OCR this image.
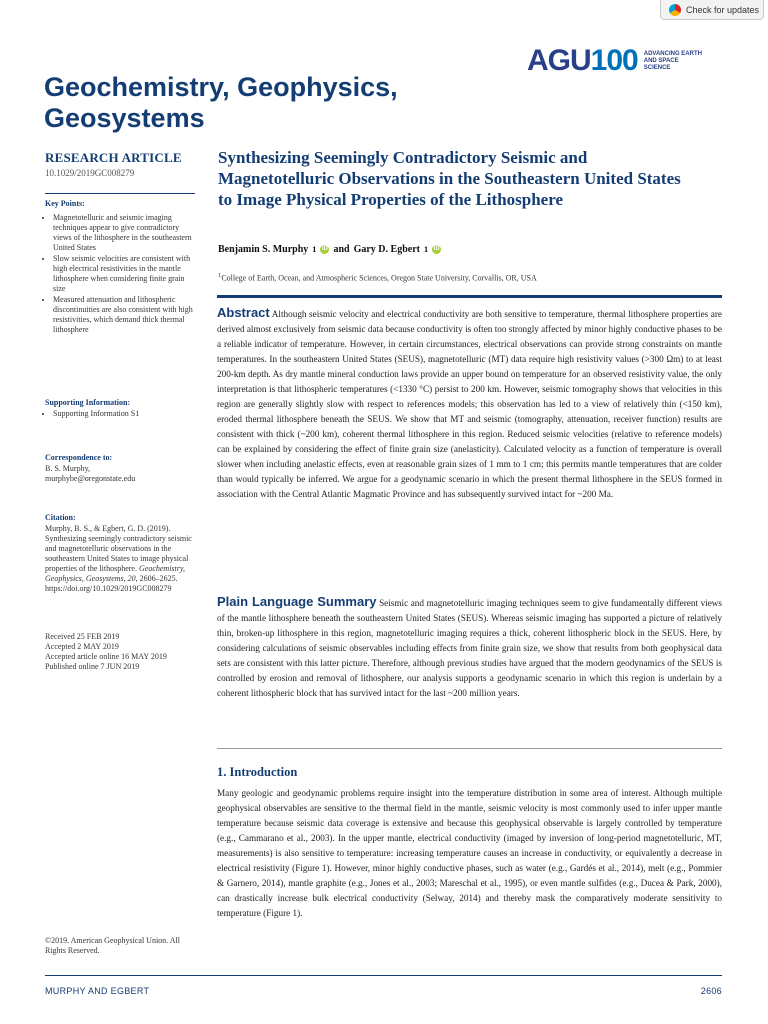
Check for updates
AGU100 ADVANCING EARTH AND SPACE SCIENCE
Geochemistry, Geophysics, Geosystems
RESEARCH ARTICLE
10.1029/2019GC008279
Key Points:
• Magnetotelluric and seismic imaging techniques appear to give contradictory views of the lithosphere in the southeastern United States
• Slow seismic velocities are consistent with high electrical resistivities in the mantle lithosphere when considering finite grain size
• Measured attenuation and lithospheric discontinuities are also consistent with high resistivities, which demand thick thermal lithosphere
Supporting Information:
• Supporting Information S1
Correspondence to:
B. S. Murphy,
murphybe@oregonstate.edu
Citation:
Murphy, B. S., & Egbert, G. D. (2019). Synthesizing seemingly contradictory seismic and magnetotelluric observations in the southeastern United States to image physical properties of the lithosphere. Geochemistry, Geophysics, Geosystems, 20, 2606–2625. https://doi.org/10.1029/2019GC008279
Received 25 FEB 2019
Accepted 2 MAY 2019
Accepted article online 16 MAY 2019
Published online 7 JUN 2019
©2019. American Geophysical Union. All Rights Reserved.
Synthesizing Seemingly Contradictory Seismic and Magnetotelluric Observations in the Southeastern United States to Image Physical Properties of the Lithosphere
Benjamin S. Murphy 1 iD and Gary D. Egbert 1 iD
$^1$College of Earth, Ocean, and Atmospheric Sciences, Oregon State University, Corvallis, OR, USA
Abstract Although seismic velocity and electrical conductivity are both sensitive to temperature, thermal lithosphere properties are derived almost exclusively from seismic data because conductivity is often too strongly affected by minor highly conductive phases to be a reliable indicator of temperature. However, in certain circumstances, electrical observations can provide strong constraints on mantle temperatures. In the southeastern United States (SEUS), magnetotelluric (MT) data require high resistivity values (>300 Ωm) to at least 200-km depth. As dry mantle mineral conduction laws provide an upper bound on temperature for an observed resistivity value, the only interpretation is that lithospheric temperatures (<1330 °C) persist to 200 km. However, seismic tomography shows that velocities in this region are generally slightly slow with respect to references models; this observation has led to a view of relatively thin (<150 km), eroded thermal lithosphere beneath the SEUS. We show that MT and seismic (tomography, attenuation, receiver function) results are consistent with thick (~200 km), coherent thermal lithosphere in this region. Reduced seismic velocities (relative to reference models) can be explained by considering the effect of finite grain size (anelasticity). Calculated velocity as a function of temperature is overall slower when including anelastic effects, even at reasonable grain sizes of 1 mm to 1 cm; this permits mantle temperatures that are colder than would typically be inferred. We argue for a geodynamic scenario in which the present thermal lithosphere in the SEUS formed in association with the Central Atlantic Magmatic Province and has subsequently survived intact for ~200 Ma.
Plain Language Summary Seismic and magnetotelluric imaging techniques seem to give fundamentally different views of the mantle lithosphere beneath the southeastern United States (SEUS). Whereas seismic imaging has supported a picture of relatively thin, broken-up lithosphere in this region, magnetotelluric imaging requires a thick, coherent lithospheric block in the SEUS. Here, by considering calculations of seismic observables including effects from finite grain size, we show that results from both geophysical data sets are consistent with this latter picture. Therefore, although previous studies have argued that the modern geodynamics of the SEUS is controlled by erosion and removal of lithosphere, our analysis supports a geodynamic scenario in which this region is underlain by a coherent lithospheric block that has survived intact for the last ~200 million years.
1. Introduction
Many geologic and geodynamic problems require insight into the temperature distribution in some area of interest. Although multiple geophysical observables are sensitive to the thermal field in the mantle, seismic velocity is most commonly used to infer upper mantle temperature because seismic data coverage is extensive and because this geophysical observable is largely controlled by temperature (e.g., Cammarano et al., 2003). In the upper mantle, electrical conductivity (imaged by inversion of long-period magnetotelluric, MT, measurements) is also sensitive to temperature: increasing temperature causes an increase in conductivity, or equivalently a decrease in electrical resistivity (Figure 1). However, minor highly conductive phases, such as water (e.g., Gardés et al., 2014), melt (e.g., Pommier & Garnero, 2014), mantle graphite (e.g., Jones et al., 2003; Mareschal et al., 1995), or even mantle sulfides (e.g., Ducea & Park, 2000), can drastically increase bulk electrical conductivity (Selway, 2014) and thereby mask the comparatively moderate sensitivity to temperature (Figure 1).
MURPHY AND EGBERT	2606
